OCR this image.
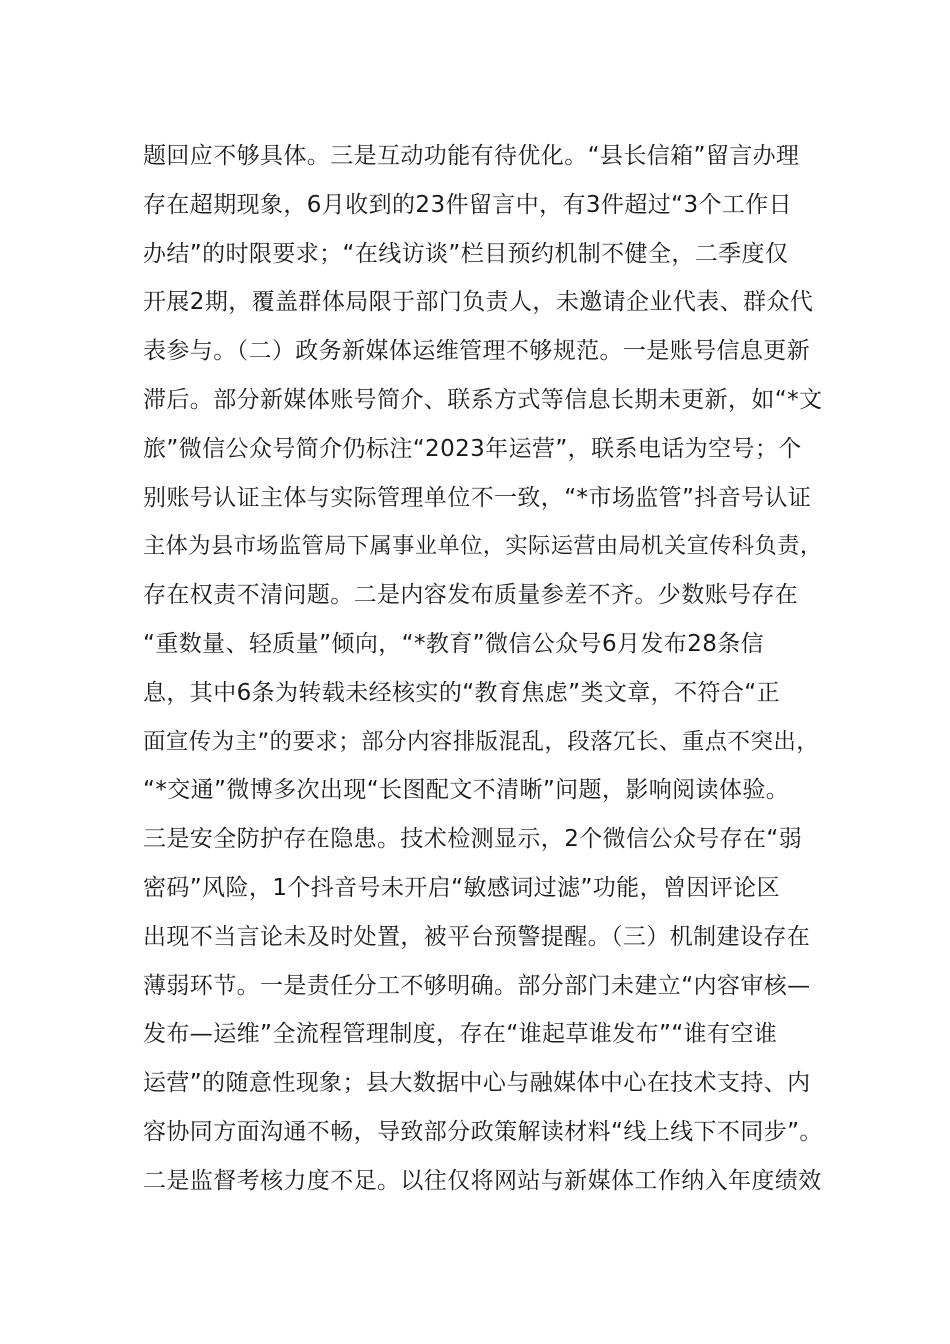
题回应不够具体。三是互动功能有待优化。“县长信箱”留言办理
存在超期现象，6月收到的23件留言中，有3件超过“3个工作日
办结”的时限要求；“在线访谈”栏目预约机制不健全，二季度仅
开展2期，覆盖群体局限于部门负责人，未邀请企业代表、群众代
表参与。（二）政务新媒体运维管理不够规范。一是账号信息更新
滞后。部分新媒体账号简介、联系方式等信息长期未更新，如“*文
旅”微信公众号简介仍标注“2023年运营”，联系电话为空号；个
别账号认证主体与实际管理单位不一致，“*市场监管”抖音号认证
主体为县市场监管局下属事业单位，实际运营由局机关宣传科负责，
存在权责不清问题。二是内容发布质量参差不齐。少数账号存在
“重数量、轻质量”倾向，“*教育”微信公众号6月发布28条信
息，其中6条为转载未经核实的“教育焦虑”类文章，不符合“正
面宣传为主”的要求；部分内容排版混乱，段落冗长、重点不突出，
“*交通”微博多次出现“长图配文不清晰”问题，影响阅读体验。
三是安全防护存在隐患。技术检测显示，2个微信公众号存在“弱
密码”风险，1个抖音号未开启“敏感词过滤”功能，曾因评论区
出现不当言论未及时处置，被平台预警提醒。（三）机制建设存在
薄弱环节。一是责任分工不够明确。部分部门未建立“内容审核—
发布—运维”全流程管理制度，存在“谁起草谁发布”“谁有空谁
运营”的随意性现象；县大数据中心与融媒体中心在技术支持、内
容协同方面沟通不畅，导致部分政策解读材料“线上线下不同步”。
二是监督考核力度不足。以往仅将网站与新媒体工作纳入年度绩效
